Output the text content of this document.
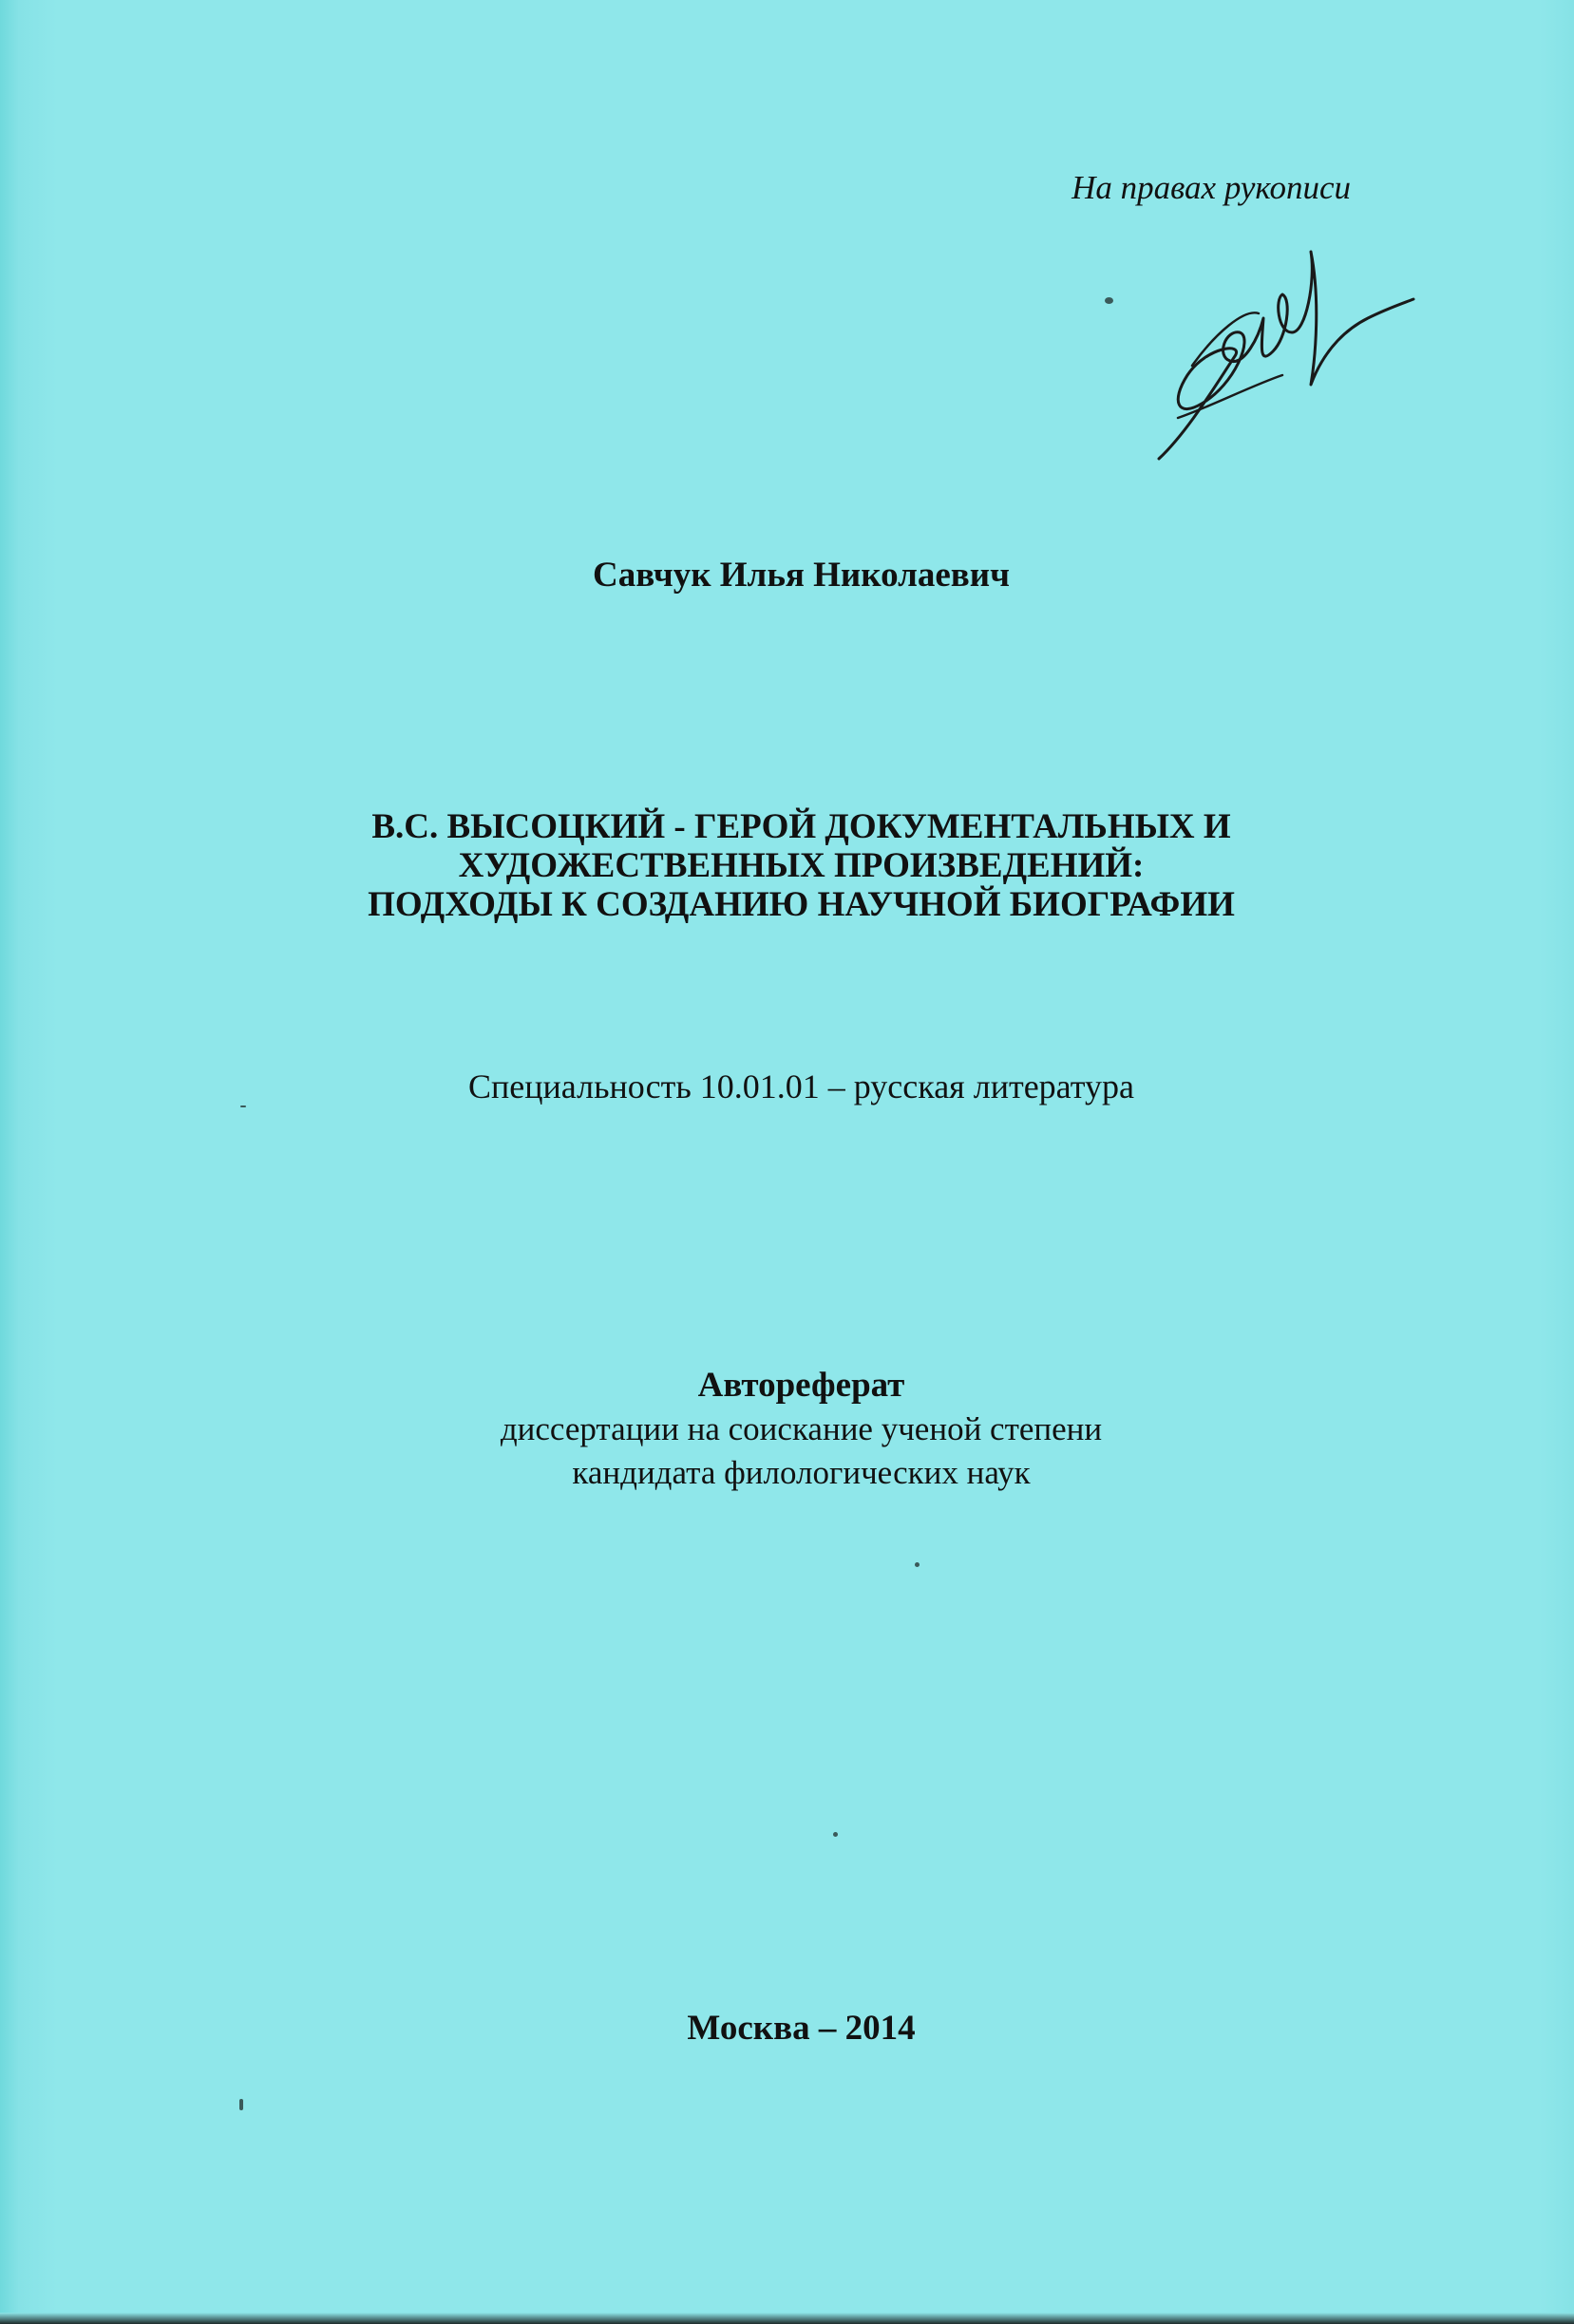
На правах рукописи
Савчук Илья Николаевич
В.С. ВЫСОЦКИЙ - ГЕРОЙ ДОКУМЕНТАЛЬНЫХ И
ХУДОЖЕСТВЕННЫХ ПРОИЗВЕДЕНИЙ:
ПОДХОДЫ К СОЗДАНИЮ НАУЧНОЙ БИОГРАФИИ
Специальность 10.01.01 – русская литература
Автореферат
диссертации на соискание ученой степени
кандидата филологических наук
Москва – 2014
